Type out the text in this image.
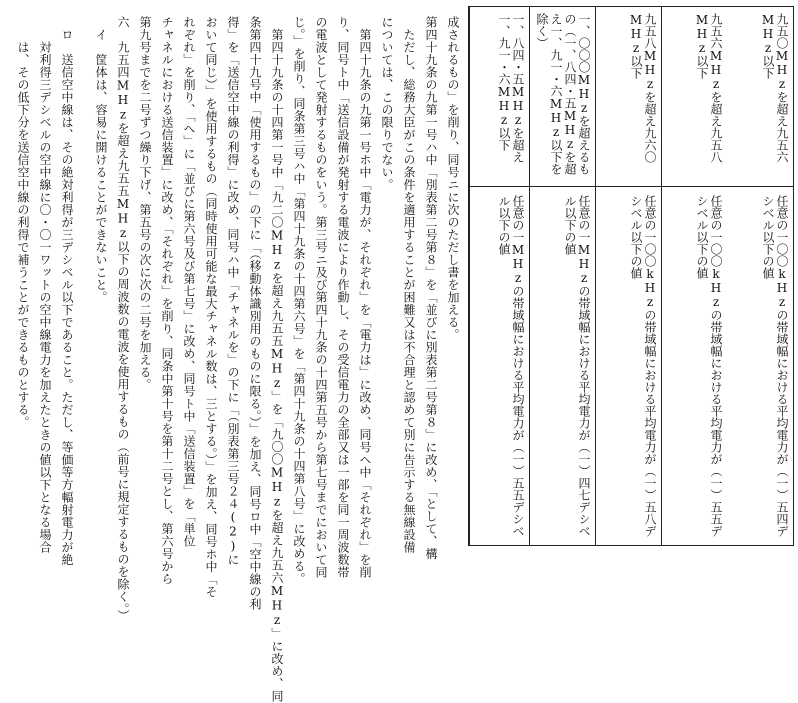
九五〇MHzを超え九五六MHz以下
任意の一〇〇kHzの帯域幅における平均電力が（一）五四デシベル以下の値
九五六MHzを超え九五八MHz以下
任意の一〇〇kHzの帯域幅における平均電力が（一）五五デシベル以下の値
九五八MHzを超え九六〇MHz以下
任意の一〇〇kHzの帯域幅における平均電力が（一）五八デシベル以下の値
一、〇〇〇MHzを超えるもの（一、八四・五MHzを超え一、九一・六MHz以下を除く）
任意の一MHzの帯域幅における平均電力が（一）四七デシベル以下の値
一、八四・五MHzを超え一、九一・六MHz以下
任意の一MHzの帯域幅における平均電力が（一）五五デシベル以下の値
成されるもの」を削り、同号ニに次のただし書を加える。
第四十九条の九第一号ハ中「別表第二号第８」を「並びに別表第二号第８」に改め、「として、構
　ただし、総務大臣がこの条件を適用することが困難又は不合理と認めて別に告示する無線設備
については、この限りでない。
　第四十九条の九第一号ホ中「電力が、それぞれ」を「電力は」に改め、同号ヘ中「それぞれ」を削
り、同号ト中「送信設備が発射する電波により作動し、その受信電力の全部又は一部を同一周波数帯
の電波として発射するものをいう。第三号ニ及び第四十九条の十四第五号から第七号までにおいて同
じ。」を削り、同条第三号ハ中「第四十九条の十四第六号」を「第四十九条の十四第八号」に改める。
　第四十九条の十四第一号中「九二〇MHzを超え九五五MHz」を「九〇〇MHzを超え九五六MHz」に改め、同
条第四十九号中「使用するもの」の下に「（移動体識別用のものに限る。）」を加え、同号ロ中「空中線の利
得」を「送信空中線の利得」に改め、同号ハ中「チャネルを」の下に「（別表第三号２４(2)に
おいて同じ）」を使用するもの（同時使用可能な最大チャネル数は、三とする。）」を加え、同号ホ中「そ
れぞれ」を削り、「へ」に「並びに第六号及び第七号」に改め、同号ト中「送信装置」を「単位
チャネルにおける送信装置」に改め、「それぞれ」を削り、同条中第十号を第十二号とし、第六号から
第九号までを二号ずつ繰り下げ、第五号の次に次の二号を加える。
六　九五四MHzを超え九五五MHz以下の周波数の電波を使用するもの（前号に規定するものを除く。）
　イ　筐体は、容易に開けることができないこと。
　ロ　送信空中線は、その絶対利得が三デシベル以下であること。ただし、等価等方輻射電力が絶
　　対利得三デシベルの空中線に〇・〇一ワットの空中線電力を加えたときの値以下となる場合
　　は、その低下分を送信空中線の利得で補うことができるものとする。
